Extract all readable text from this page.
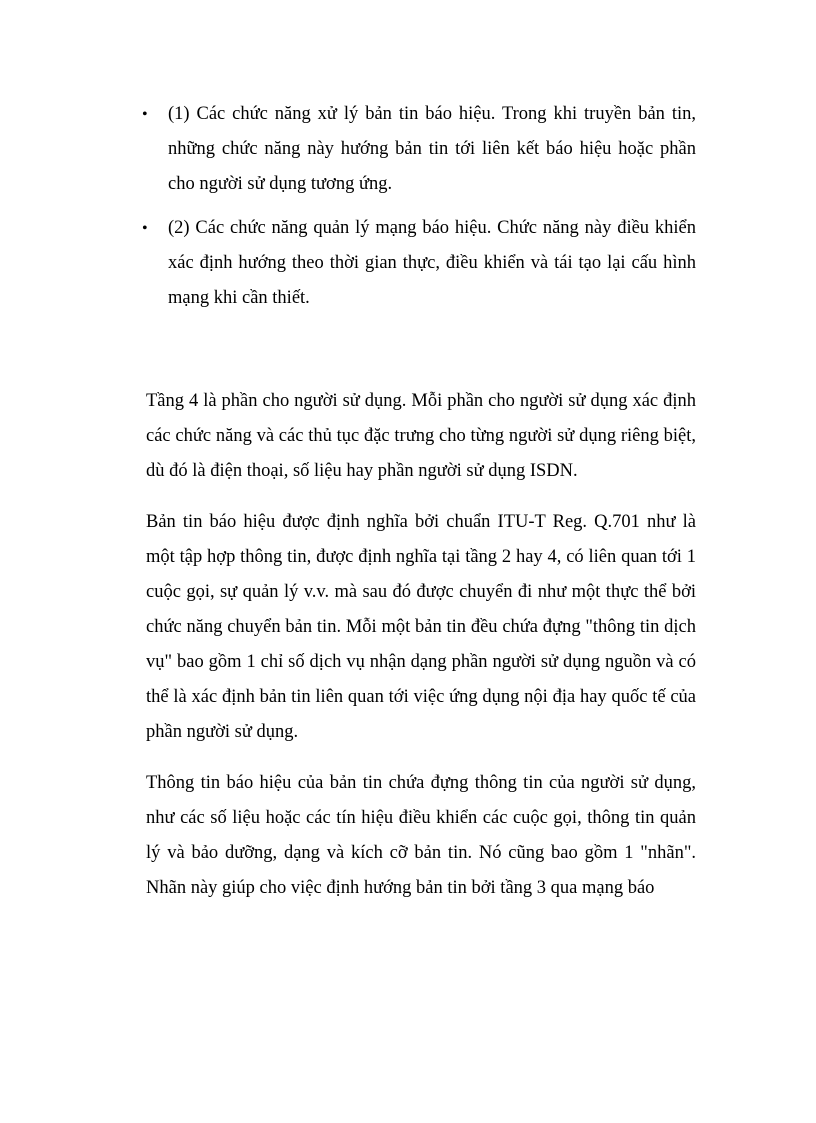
• (1) Các chức năng xử lý bản tin báo hiệu. Trong khi truyền bản tin, những chức năng này hướng bản tin tới liên kết báo hiệu hoặc phần cho người sử dụng tương ứng.
• (2) Các chức năng quản lý mạng báo hiệu. Chức năng này điều khiển xác định hướng theo thời gian thực, điều khiển và tái tạo lại cấu hình mạng khi cần thiết.

Tầng 4 là phần cho người sử dụng. Mỗi phần cho người sử dụng xác định các chức năng và các thủ tục đặc trưng cho từng người sử dụng riêng biệt, dù đó là điện thoại, số liệu hay phần người sử dụng ISDN.

Bản tin báo hiệu được định nghĩa bởi chuẩn ITU-T Reg. Q.701 như là một tập hợp thông tin, được định nghĩa tại tầng 2 hay 4, có liên quan tới 1 cuộc gọi, sự quản lý v.v. mà sau đó được chuyển đi như một thực thể bởi chức năng chuyển bản tin. Mỗi một bản tin đều chứa đựng "thông tin dịch vụ" bao gồm 1 chỉ số dịch vụ nhận dạng phần người sử dụng nguồn và có thể là xác định bản tin liên quan tới việc ứng dụng nội địa hay quốc tế của phần người sử dụng.

Thông tin báo hiệu của bản tin chứa đựng thông tin của người sử dụng, như các số liệu hoặc các tín hiệu điều khiển các cuộc gọi, thông tin quản lý và bảo dưỡng, dạng và kích cỡ bản tin. Nó cũng bao gồm 1 "nhãn". Nhãn này giúp cho việc định hướng bản tin bởi tầng 3 qua mạng báo
